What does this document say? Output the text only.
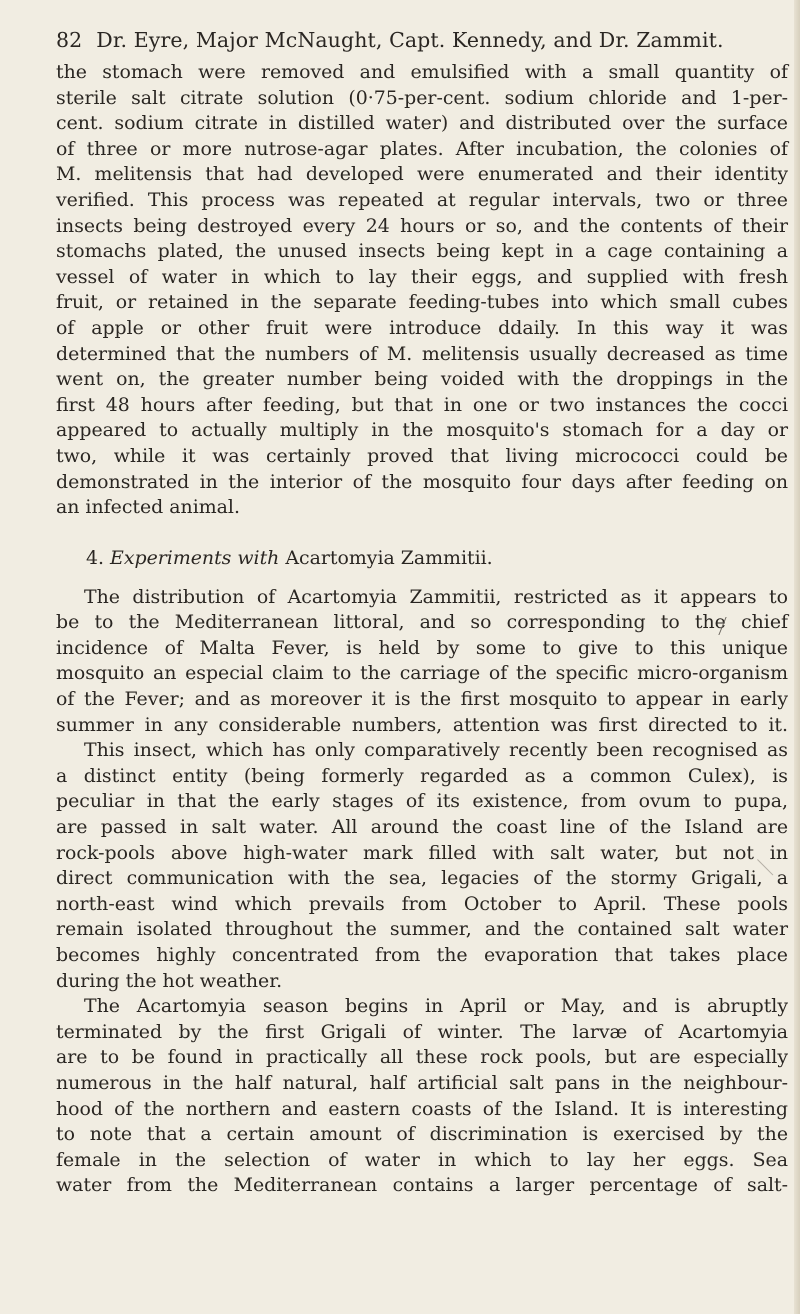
82 Dr. Eyre, Major McNaught, Capt. Kennedy, and Dr. Zammit.
the stomach were removed and emulsified with a small quantity of
sterile salt citrate solution (0·75-per-cent. sodium chloride and 1-per-
cent. sodium citrate in distilled water) and distributed over the surface
of three or more nutrose-agar plates. After incubation, the colonies of
M. melitensis that had developed were enumerated and their identity
verified. This process was repeated at regular intervals, two or three
insects being destroyed every 24 hours or so, and the contents of their
stomachs plated, the unused insects being kept in a cage containing a
vessel of water in which to lay their eggs, and supplied with fresh
fruit, or retained in the separate feeding-tubes into which small cubes
of apple or other fruit were introduce ddaily. In this way it was
determined that the numbers of M. melitensis usually decreased as time
went on, the greater number being voided with the droppings in the
first 48 hours after feeding, but that in one or two instances the cocci
appeared to actually multiply in the mosquito's stomach for a day or
two, while it was certainly proved that living micrococci could be
demonstrated in the interior of the mosquito four days after feeding on
an infected animal.
4. Experiments with Acartomyia Zammitii.
The distribution of Acartomyia Zammitii, restricted as it appears to
be to the Mediterranean littoral, and so corresponding to the chief
incidence of Malta Fever, is held by some to give to this unique
mosquito an especial claim to the carriage of the specific micro-organism
of the Fever; and as moreover it is the first mosquito to appear in early
summer in any considerable numbers, attention was first directed to it.
This insect, which has only comparatively recently been recognised as
a distinct entity (being formerly regarded as a common Culex), is
peculiar in that the early stages of its existence, from ovum to pupa,
are passed in salt water. All around the coast line of the Island are
rock-pools above high-water mark filled with salt water, but not in
direct communication with the sea, legacies of the stormy Grigali, a
north-east wind which prevails from October to April. These pools
remain isolated throughout the summer, and the contained salt water
becomes highly concentrated from the evaporation that takes place
during the hot weather.
The Acartomyia season begins in April or May, and is abruptly
terminated by the first Grigali of winter. The larvæ of Acartomyia
are to be found in practically all these rock pools, but are especially
numerous in the half natural, half artificial salt pans in the neighbour-
hood of the northern and eastern coasts of the Island. It is interesting
to note that a certain amount of discrimination is exercised by the
female in the selection of water in which to lay her eggs. Sea
water from the Mediterranean contains a larger percentage of salt-
